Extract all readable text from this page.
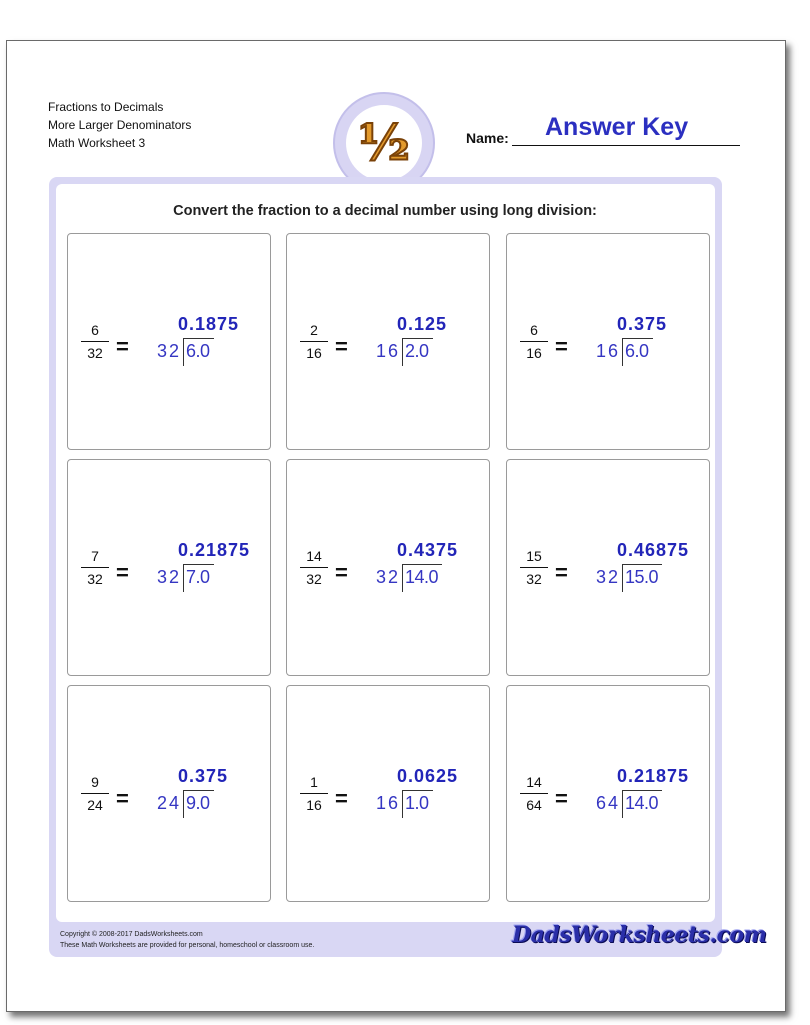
Fractions to Decimals
More Larger Denominators
Math Worksheet 3	½	Name: Answer Key
Convert the fraction to a decimal number using long division:
6
32 =
0.1875
32 6.0
2
16 =
0.125
16 2.0
6
16 =
0.375
16 6.0
7
32 =
0.21875
32 7.0
14
32 =
0.4375
32 14.0
15
32 =
0.46875
32 15.0
9
24 =
0.375
24 9.0
1
16 =
0.0625
16 1.0
14
64 =
0.21875
64 14.0
Copyright © 2008-2017 DadsWorksheets.com
These Math Worksheets are provided for personal, homeschool or classroom use.	DadsWorksheets.com
